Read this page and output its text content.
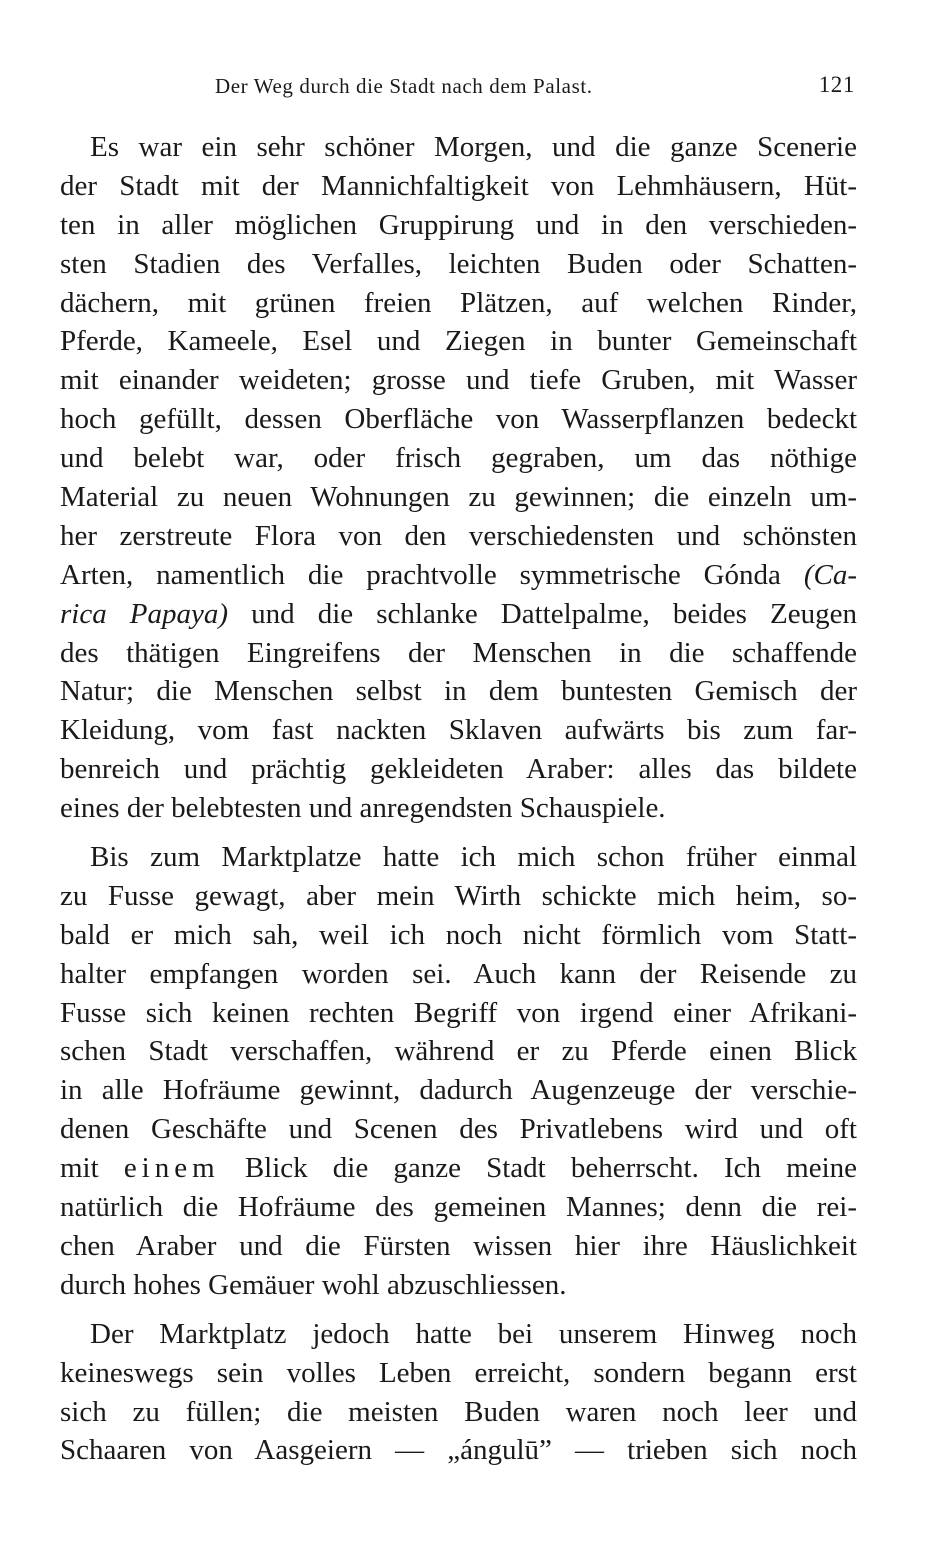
Der Weg durch die Stadt nach dem Palast.	121
Es war ein sehr schöner Morgen, und die ganze Scenerie
der Stadt mit der Mannichfaltigkeit von Lehmhäusern, Hüt-
ten in aller möglichen Gruppirung und in den verschieden-
sten Stadien des Verfalles, leichten Buden oder Schatten-
dächern, mit grünen freien Plätzen, auf welchen Rinder,
Pferde, Kameele, Esel und Ziegen in bunter Gemeinschaft
mit einander weideten; grosse und tiefe Gruben, mit Wasser
hoch gefüllt, dessen Oberfläche von Wasserpflanzen bedeckt
und belebt war, oder frisch gegraben, um das nöthige
Material zu neuen Wohnungen zu gewinnen; die einzeln um-
her zerstreute Flora von den verschiedensten und schönsten
Arten, namentlich die prachtvolle symmetrische Gónda (Ca-
rica Papaya) und die schlanke Dattelpalme, beides Zeugen
des thätigen Eingreifens der Menschen in die schaffende
Natur; die Menschen selbst in dem buntesten Gemisch der
Kleidung, vom fast nackten Sklaven aufwärts bis zum far-
benreich und prächtig gekleideten Araber: alles das bildete
eines der belebtesten und anregendsten Schauspiele.
Bis zum Marktplatze hatte ich mich schon früher einmal
zu Fusse gewagt, aber mein Wirth schickte mich heim, so-
bald er mich sah, weil ich noch nicht förmlich vom Statt-
halter empfangen worden sei. Auch kann der Reisende zu
Fusse sich keinen rechten Begriff von irgend einer Afrikani-
schen Stadt verschaffen, während er zu Pferde einen Blick
in alle Hofräume gewinnt, dadurch Augenzeuge der verschie-
denen Geschäfte und Scenen des Privatlebens wird und oft
mit einem Blick die ganze Stadt beherrscht. Ich meine
natürlich die Hofräume des gemeinen Mannes; denn die rei-
chen Araber und die Fürsten wissen hier ihre Häuslichkeit
durch hohes Gemäuer wohl abzuschliessen.
Der Marktplatz jedoch hatte bei unserem Hinweg noch
keineswegs sein volles Leben erreicht, sondern begann erst
sich zu füllen; die meisten Buden waren noch leer und
Schaaren von Aasgeiern — „ángulū” — trieben sich noch
